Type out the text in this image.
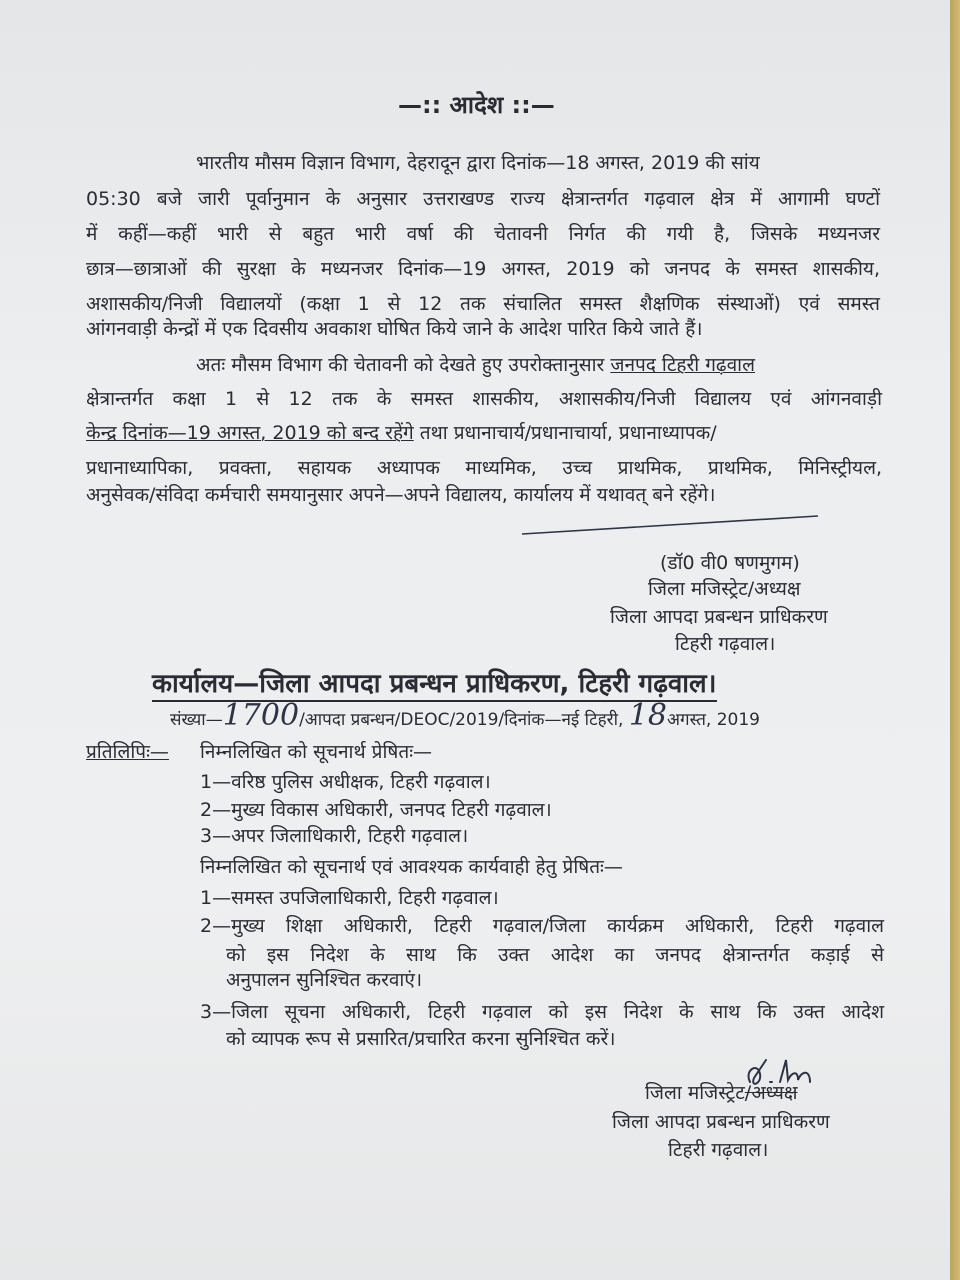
—:: आदेश ::—
भारतीय मौसम विज्ञान विभाग, देहरादून द्वारा दिनांक—18 अगस्त, 2019 की सांय
05:30 बजे जारी पूर्वानुमान के अनुसार उत्तराखण्ड राज्य क्षेत्रान्तर्गत गढ़वाल क्षेत्र में आगामी घण्टों
में कहीं—कहीं भारी से बहुत भारी वर्षा की चेतावनी निर्गत की गयी है, जिसके मध्यनजर
छात्र—छात्राओं की सुरक्षा के मध्यनजर दिनांक—19 अगस्त, 2019 को जनपद के समस्त शासकीय,
अशासकीय/निजी विद्यालयों (कक्षा 1 से 12 तक संचालित समस्त शैक्षणिक संस्थाओं) एवं समस्त
आंगनवाड़ी केन्द्रों में एक दिवसीय अवकाश घोषित किये जाने के आदेश पारित किये जाते हैं।
अतः मौसम विभाग की चेतावनी को देखते हुए उपरोक्तानुसार जनपद टिहरी गढ़वाल
क्षेत्रान्तर्गत कक्षा 1 से 12 तक के समस्त शासकीय, अशासकीय/निजी विद्यालय एवं आंगनवाड़ी
केन्द्र दिनांक—19 अगस्त, 2019 को बन्द रहेंगे तथा प्रधानाचार्य/प्रधानाचार्या, प्रधानाध्यापक/
प्रधानाध्यापिका, प्रवक्ता, सहायक अध्यापक माध्यमिक, उच्च प्राथमिक, प्राथमिक, मिनिस्ट्रीयल,
अनुसेवक/संविदा कर्मचारी समयानुसार अपने—अपने विद्यालय, कार्यालय में यथावत् बने रहेंगे।
(डॉ0 वी0 षणमुगम)
जिला मजिस्ट्रेट/अध्यक्ष
जिला आपदा प्रबन्धन प्राधिकरण
टिहरी गढ़वाल।
कार्यालय—जिला आपदा प्रबन्धन प्राधिकरण, टिहरी गढ़वाल।
संख्या—1700/आपदा प्रबन्धन/DEOC/2019/दिनांक—नई टिहरी, 18अगस्त, 2019
प्रतिलिपिः— निम्नलिखित को सूचनार्थ प्रेषितः—
1—वरिष्ठ पुलिस अधीक्षक, टिहरी गढ़वाल।
2—मुख्य विकास अधिकारी, जनपद टिहरी गढ़वाल।
3—अपर जिलाधिकारी, टिहरी गढ़वाल।
निम्नलिखित को सूचनार्थ एवं आवश्यक कार्यवाही हेतु प्रेषितः—
1—समस्त उपजिलाधिकारी, टिहरी गढ़वाल।
2—मुख्य शिक्षा अधिकारी, टिहरी गढ़वाल/जिला कार्यक्रम अधिकारी, टिहरी गढ़वाल
को इस निदेश के साथ कि उक्त आदेश का जनपद क्षेत्रान्तर्गत कड़ाई से
अनुपालन सुनिश्चित करवाएं।
3—जिला सूचना अधिकारी, टिहरी गढ़वाल को इस निदेश के साथ कि उक्त आदेश
को व्यापक रूप से प्रसारित/प्रचारित करना सुनिश्चित करें।
जिला मजिस्ट्रेट/अध्यक्ष
जिला आपदा प्रबन्धन प्राधिकरण
टिहरी गढ़वाल।
